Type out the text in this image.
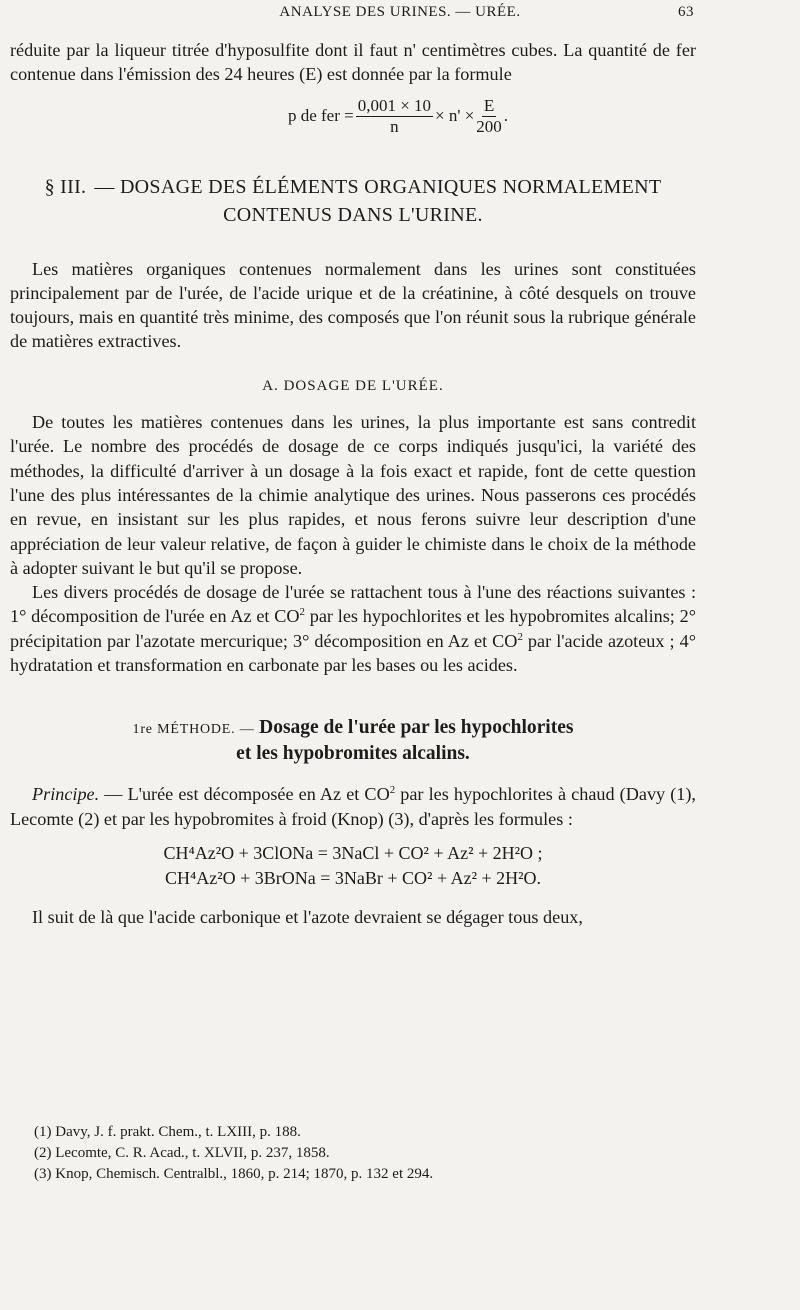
ANALYSE DES URINES. — URÉE.	63

réduite par la liqueur titrée d'hyposulfite dont il faut n' centimètres cubes. La quantité de fer contenue dans l'émission des 24 heures (E) est donnée par la formule

p de fer = $\frac{0,001 \times 10}{n} \times n' \times \frac{E}{200}$ .
§ III. — DOSAGE DES ÉLÉMENTS ORGANIQUES NORMALEMENT CONTENUS DANS L'URINE.

Les matières organiques contenues normalement dans les urines sont constituées principalement par de l'urée, de l'acide urique et de la créatinine, à côté desquels on trouve toujours, mais en quantité très minime, des composés que l'on réunit sous la rubrique générale de matières extractives.

A. DOSAGE DE L'URÉE.

De toutes les matières contenues dans les urines, la plus importante est sans contredit l'urée. Le nombre des procédés de dosage de ce corps indiqués jusqu'ici, la variété des méthodes, la difficulté d'arriver à un dosage à la fois exact et rapide, font de cette question l'une des plus intéressantes de la chimie analytique des urines. Nous passerons ces procédés en revue, en insistant sur les plus rapides, et nous ferons suivre leur description d'une appréciation de leur valeur relative, de façon à guider le chimiste dans le choix de la méthode à adopter suivant le but qu'il se propose.

Les divers procédés de dosage de l'urée se rattachent tous à l'une des réactions suivantes : 1° décomposition de l'urée en Az et $CO^2$ par les hypochlorites et les hypobromites alcalins; 2° précipitation par l'azotate mercurique; 3° décomposition en Az et $CO^2$ par l'acide azoteux ; 4° hydratation et transformation en carbonate par les bases ou les acides.

1re MÉTHODE. — Dosage de l'urée par les hypochlorites
et les hypobromites alcalins.

Principe. — L'urée est décomposée en Az et $CO^2$ par les hypochlorites à chaud (Davy (1), Lecomte (2) et par les hypobromites à froid (Knop) (3), d'après les formules :

CH⁴Az²O + 3ClONa = 3NaCl + CO² + Az² + 2H²O ;

CH⁴Az²O + 3BrONa = 3NaBr + CO² + Az² + 2H²O.

Il suit de là que l'acide carbonique et l'azote devraient se dégager tous deux,

(1) Davy, J. f. prakt. Chem., t. LXIII, p. 188.
(2) Lecomte, C. R. Acad., t. XLVII, p. 237, 1858.
(3) Knop, Chemisch. Centralbl., 1860, p. 214; 1870, p. 132 et 294.
